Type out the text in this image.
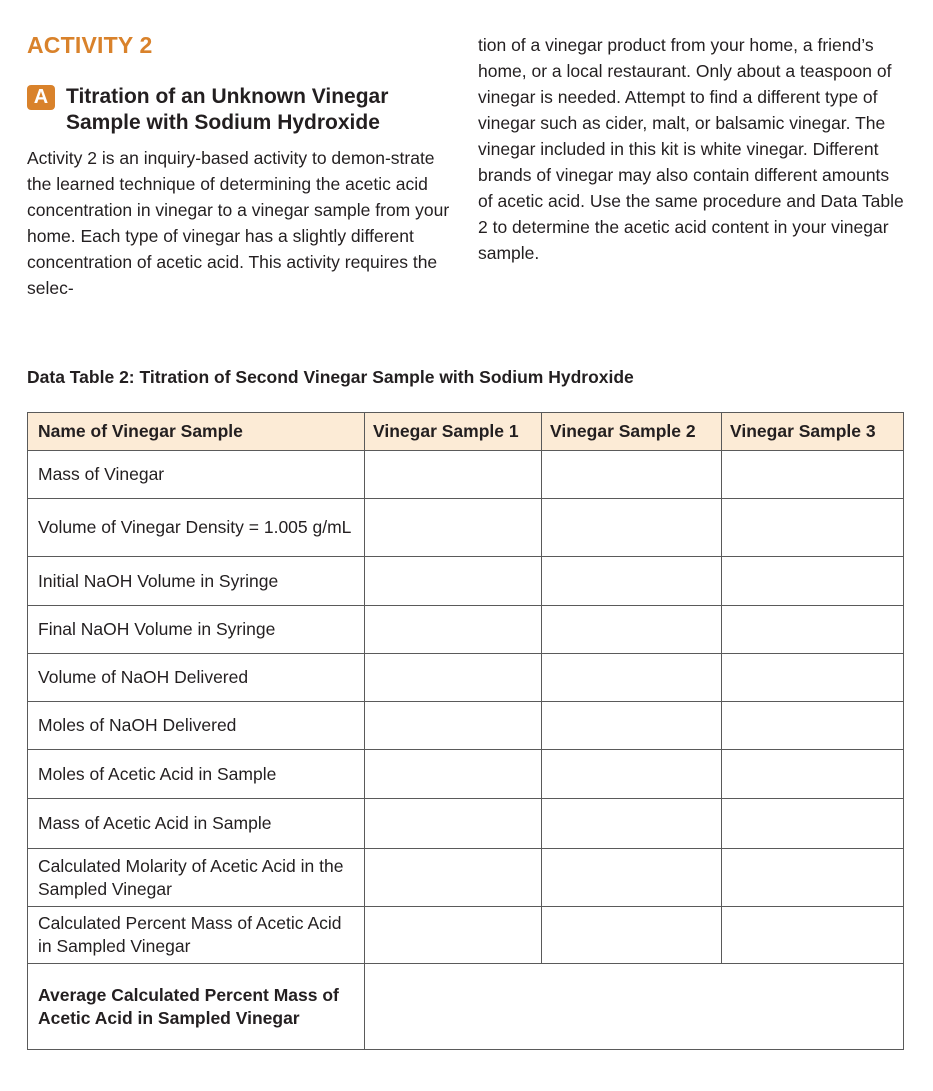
ACTIVITY 2
A Titration of an Unknown Vinegar Sample with Sodium Hydroxide

Activity 2 is an inquiry-based activity to demon-strate the learned technique of determining the acetic acid concentration in vinegar to a vinegar sample from your home. Each type of vinegar has a slightly different concentration of acetic acid. This activity requires the selec-

tion of a vinegar product from your home, a friend’s home, or a local restaurant. Only about a teaspoon of vinegar is needed. Attempt to find a different type of vinegar such as cider, malt, or balsamic vinegar. The vinegar included in this kit is white vinegar. Different brands of vinegar may also contain different amounts of acetic acid. Use the same procedure and Data Table 2 to determine the acetic acid content in your vinegar sample.

Data Table 2: Titration of Second Vinegar Sample with Sodium Hydroxide

Name of Vinegar Sample	Vinegar Sample 1	Vinegar Sample 2	Vinegar Sample 3
Mass of Vinegar			
Volume of Vinegar Density = 1.005 g/mL			
Initial NaOH Volume in Syringe			
Final NaOH Volume in Syringe			
Volume of NaOH Delivered			
Moles of NaOH Delivered			
Moles of Acetic Acid in Sample			
Mass of Acetic Acid in Sample			
Calculated Molarity of Acetic Acid in the Sampled Vinegar			
Calculated Percent Mass of Acetic Acid in Sampled Vinegar			
Average Calculated Percent Mass of Acetic Acid in Sampled Vinegar			
